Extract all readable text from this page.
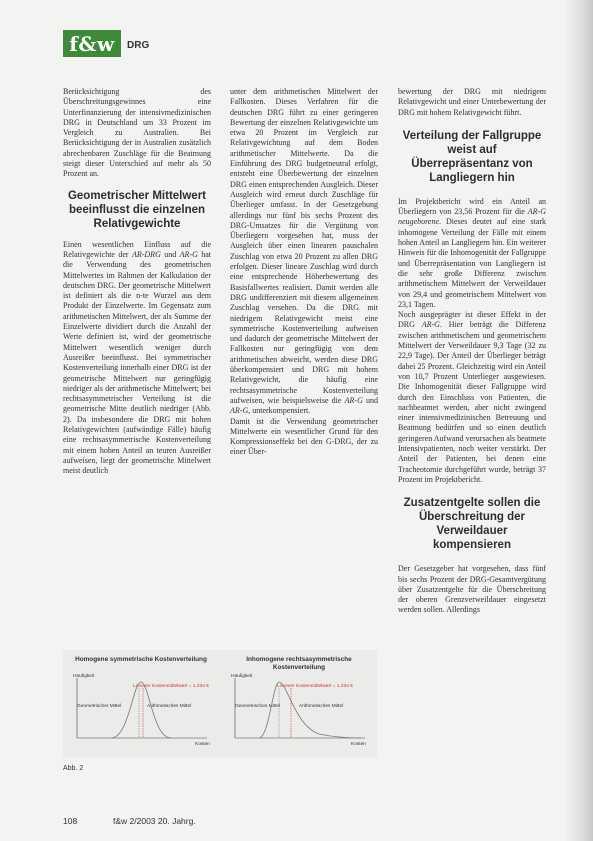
f&w	DRG

Berücksichtigung des Überschreitungsgewinnes eine Unterfinanzierung der intensivmedizinischen DRG in Deutschland um 33 Prozent im Vergleich zu Australien. Bei Berücksichtigung der in Australien zusätzlich abrechenbaren Zuschläge für die Beatmung steigt dieser Unterschied auf mehr als 50 Prozent an.

Geometrischer Mittelwert beeinflusst die einzelnen Relativgewichte

Einen wesentlichen Einfluss auf die Relativgewichte der AR-DRG und AR-G hat die Verwendung des geometrischen Mittelwertes im Rahmen der Kalkulation der deutschen DRG. Der geometrische Mittelwert ist definiert als die n-te Wurzel aus dem Produkt der Einzelwerte. Im Gegensatz zum arithmetischen Mittelwert, der als Summe der Einzelwerte dividiert durch die Anzahl der Werte definiert ist, wird der geometrische Mittelwert wesentlich weniger durch Ausreißer beeinflusst. Bei symmetrischer Kostenverteilung innerhalb einer DRG ist der geometrische Mittelwert nur geringfügig niedriger als der arithmetische Mittelwert; bei rechtsasymmetrischer Verteilung ist die geometrische Mitte deutlich niedriger (Abb. 2). Da insbesondere die DRG mit hohen Relativgewichten (aufwändige Fälle) häufig eine rechtsasymmetrische Kostenverteilung mit einem hohen Anteil an teuren Ausreißer aufweisen, liegt der geometrische Mittelwert meist deutlich

unter dem arithmetischen Mittelwert der Fallkosten. Dieses Verfahren für die deutschen DRG führt zu einer geringeren Bewertung der einzelnen Relativgewichte um etwa 20 Prozent im Vergleich zur Relativgewichtung auf dem Boden arithmetischer Mittelwerte. Da die Einführung des DRG budgetneutral erfolgt, entsteht eine Überbewertung der einzelnen DRG einen entsprechenden Ausgleich. Dieser Ausgleich wird erneut durch Zuschläge für Überlieger umfasst. In der Gesetzgebung allerdings nur fünf bis sechs Prozent des DRG-Umsatzes für die Vergütung von Überliegern vorgesehen hat, muss der Ausgleich über einen linearen pauschalen Zuschlag von etwa 20 Prozent zu allen DRG erfolgen. Dieser lineare Zuschlag wird durch eine entsprechende Höherbewertung des Basisfallwertes realisiert. Damit werden alle DRG undifferenziert mit diesem allgemeinen Zuschlag versehen. Da die DRG mit niedrigem Relativgewicht meist eine symmetrische Kostenverteilung aufweisen und dadurch der geometrische Mittelwert der Fallkosten nur geringfügig von dem arithmetischen abweicht, werden diese DRG überkompensiert und DRG mit hohem Relativgewicht, die häufig eine rechtsasymmetrische Kostenverteilung aufweisen, wie beispielsweise die AR-G und AR-G, unterkompensiert.

Damit ist die Verwendung geometrischer Mittelwerte ein wesentlicher Grund für den Kompressionseffekt bei den G-DRG, der zu einer Über-

bewertung der DRG mit niedrigem Relativgewicht und einer Unterbewertung der DRG mit hohem Relativgewicht führt.

Verteilung der Fallgruppe weist auf Überrepräsentanz von Langliegern hin

Im Projektbericht wird ein Anteil an Überliegern von 23,56 Prozent für die AR-G neugeborene. Dieses deutet auf eine stark inhomogene Verteilung der Fälle mit einem hohen Anteil an Langliegern hin. Ein weiterer Hinweis für die Inhomogenität der Fallgruppe und Überrepräsentation von Langliegern ist die sehr große Differenz zwischen arithmetischem Mittelwert der Verweildauer von 29,4 und geometrischem Mittelwert von 23,1 Tagen.

Noch ausgeprägter ist dieser Effekt in der DRG AR-G. Hier beträgt die Differenz zwischen arithmetischem und geometrischem Mittelwert der Verweildauer 9,3 Tage (32 zu 22,9 Tage). Der Anteil der Überlieger beträgt dabei 25 Prozent. Gleichzeitig wird ein Anteil von 10,7 Prozent Unterlieger ausgewiesen. Die Inhomogenität dieser Fallgruppe wird durch den Einschluss von Patienten, die nachbeatmet werden, aber nicht zwingend einer intensivmedizinischen Betreuung und Beatmung bedürfen und so einen deutlich geringeren Aufwand verursachen als beatmete Intensivpatienten, noch weiter verstärkt. Der Anteil der Patienten, bei denen eine Tracheotomie durchgeführt wurde, beträgt 37 Prozent im Projektbericht.

Zusatzentgelte sollen die Überschreitung der Verweildauer kompensieren

Der Gesetzgeber hat vorgesehen, dass fünf bis sechs Prozent der DRG-Gesamtvergütung über Zusatzentgelte für die Überschreitung der oberen Grenzverweildauer eingesetzt werden sollen. Allerdings

Homogene symmetrische Kostenverteilung
Häufigkeit
Linearer Kostenmittelwert = 1.234 €
Geometrischer Mittel	Arithmetisches Mittel
Kosten
Inhomogene rechtsasymmetrische Kostenverteilung
Häufigkeit
Linearer Kostenmittelwert = 1.234 €
Geometrisches Mittel	Arithmetisches Mittel
Kosten
Abb. 2
108	f&w 2/2003 20. Jahrg.
